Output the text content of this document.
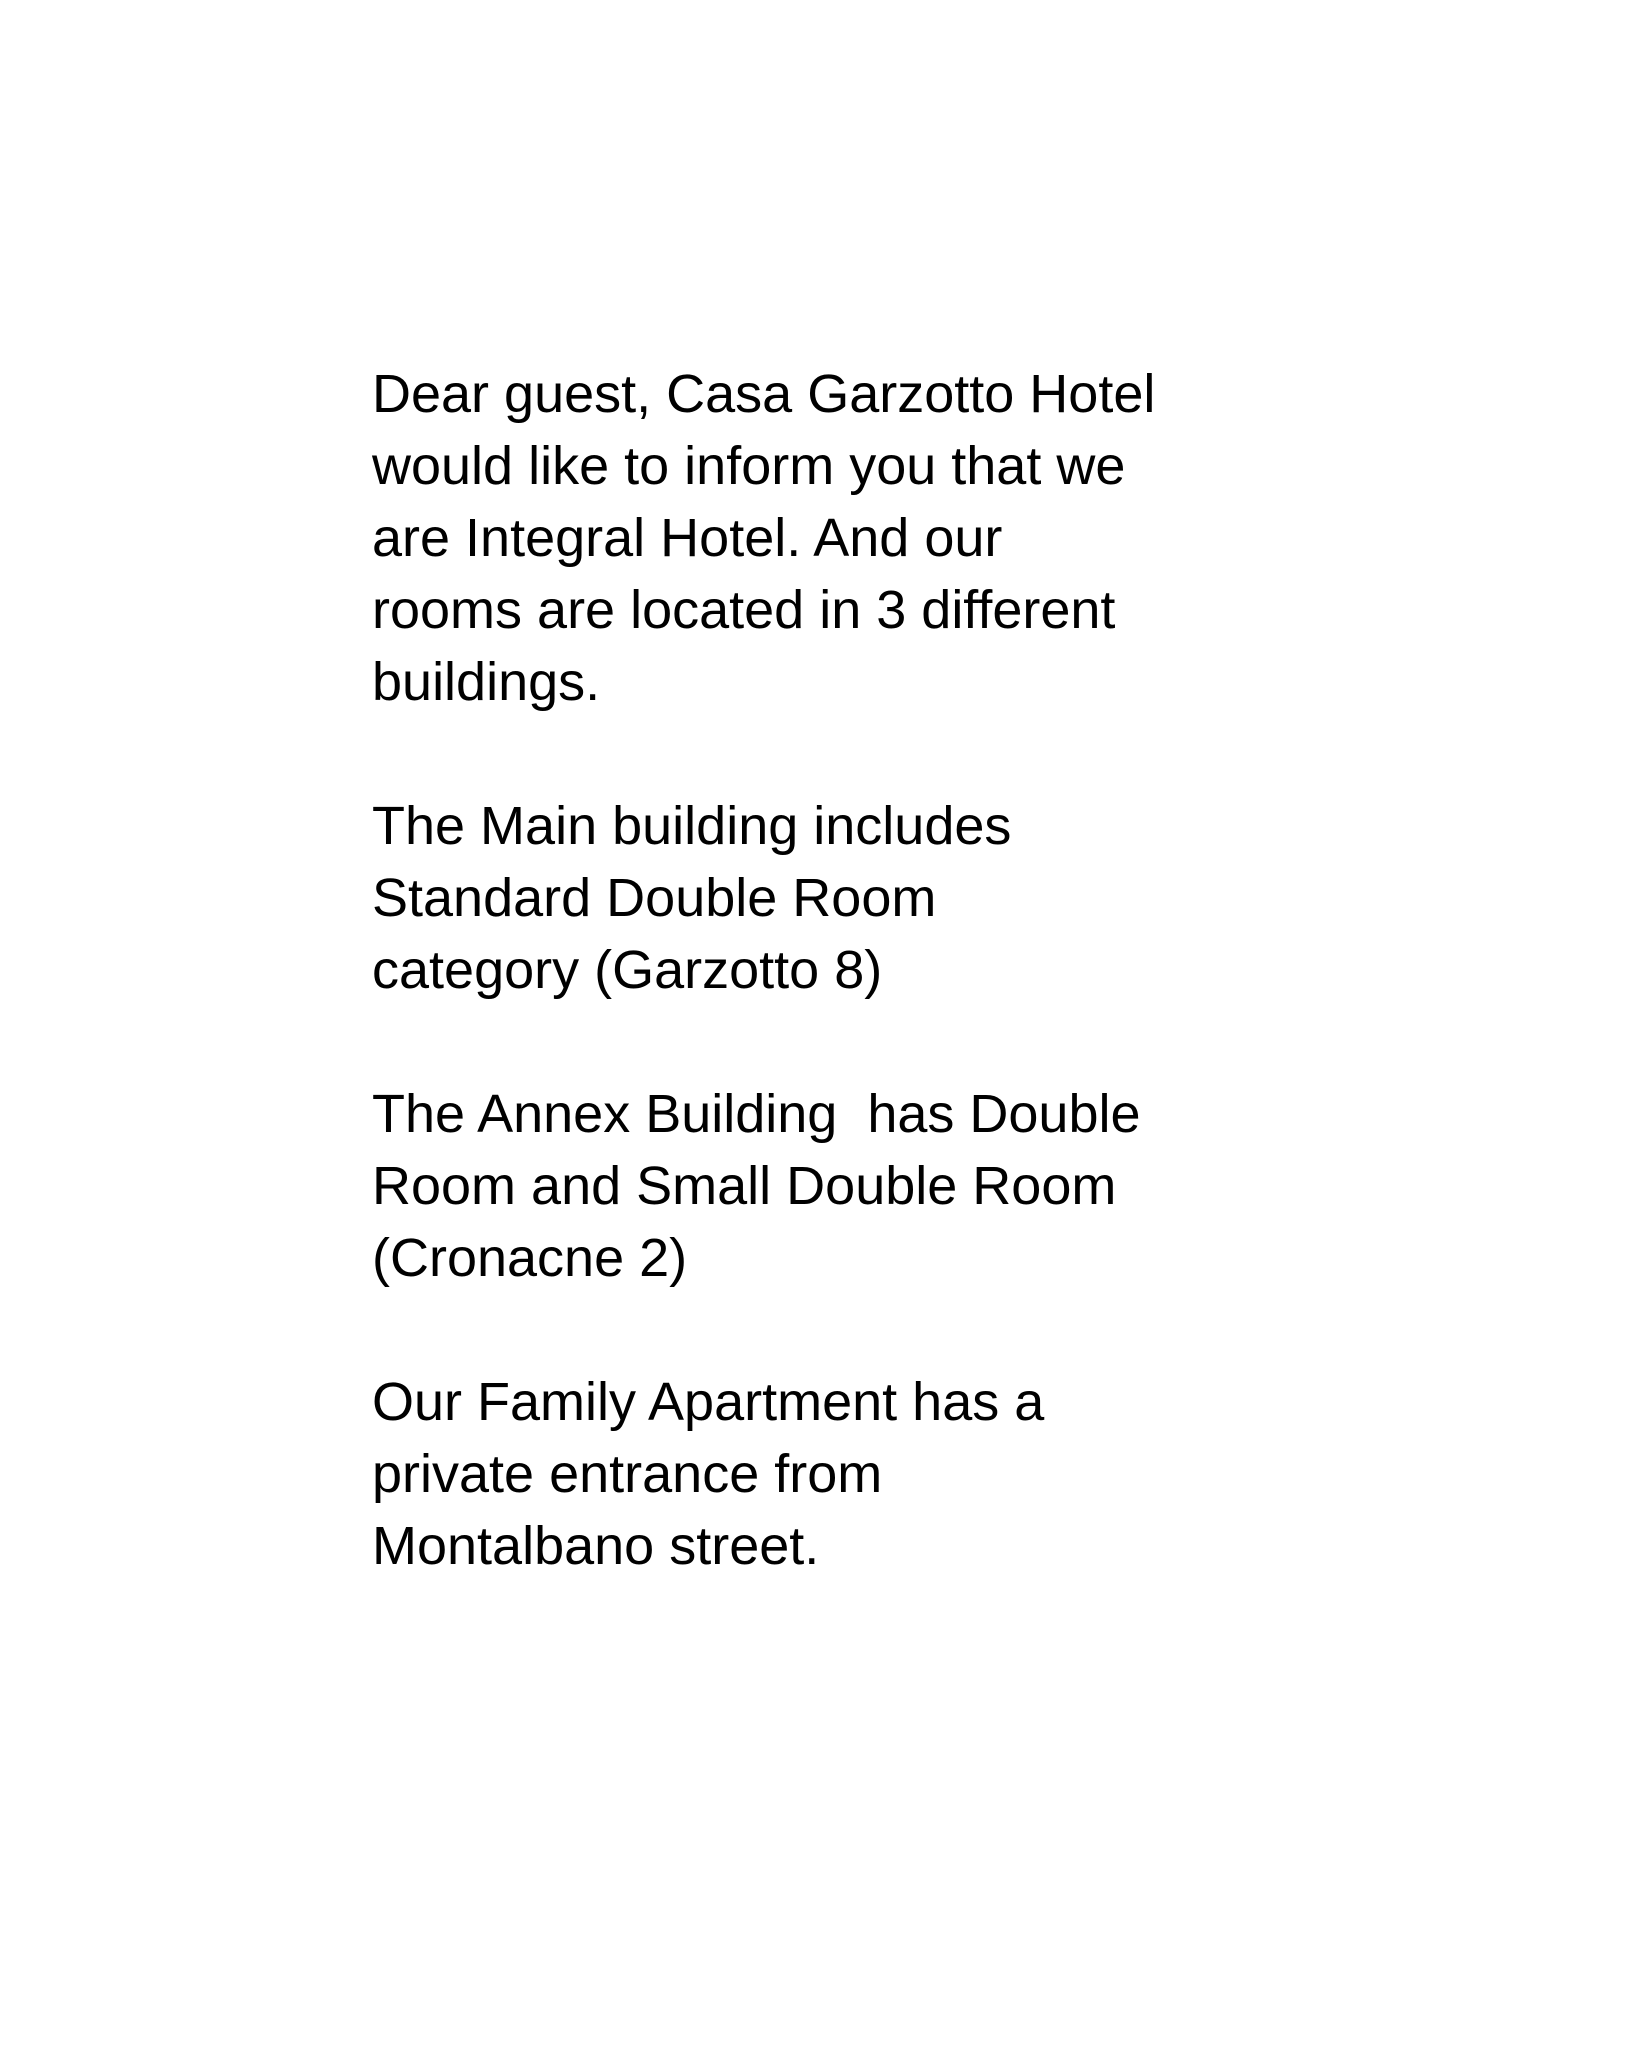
Dear guest, Casa Garzotto Hotel
would like to inform you that we
are Integral Hotel. And our
rooms are located in 3 different
buildings.

The Main building includes
Standard Double Room
category (Garzotto 8)

The Annex Building  has Double
Room and Small Double Room
(Cronacne 2)

Our Family Apartment has a
private entrance from
Montalbano street.
